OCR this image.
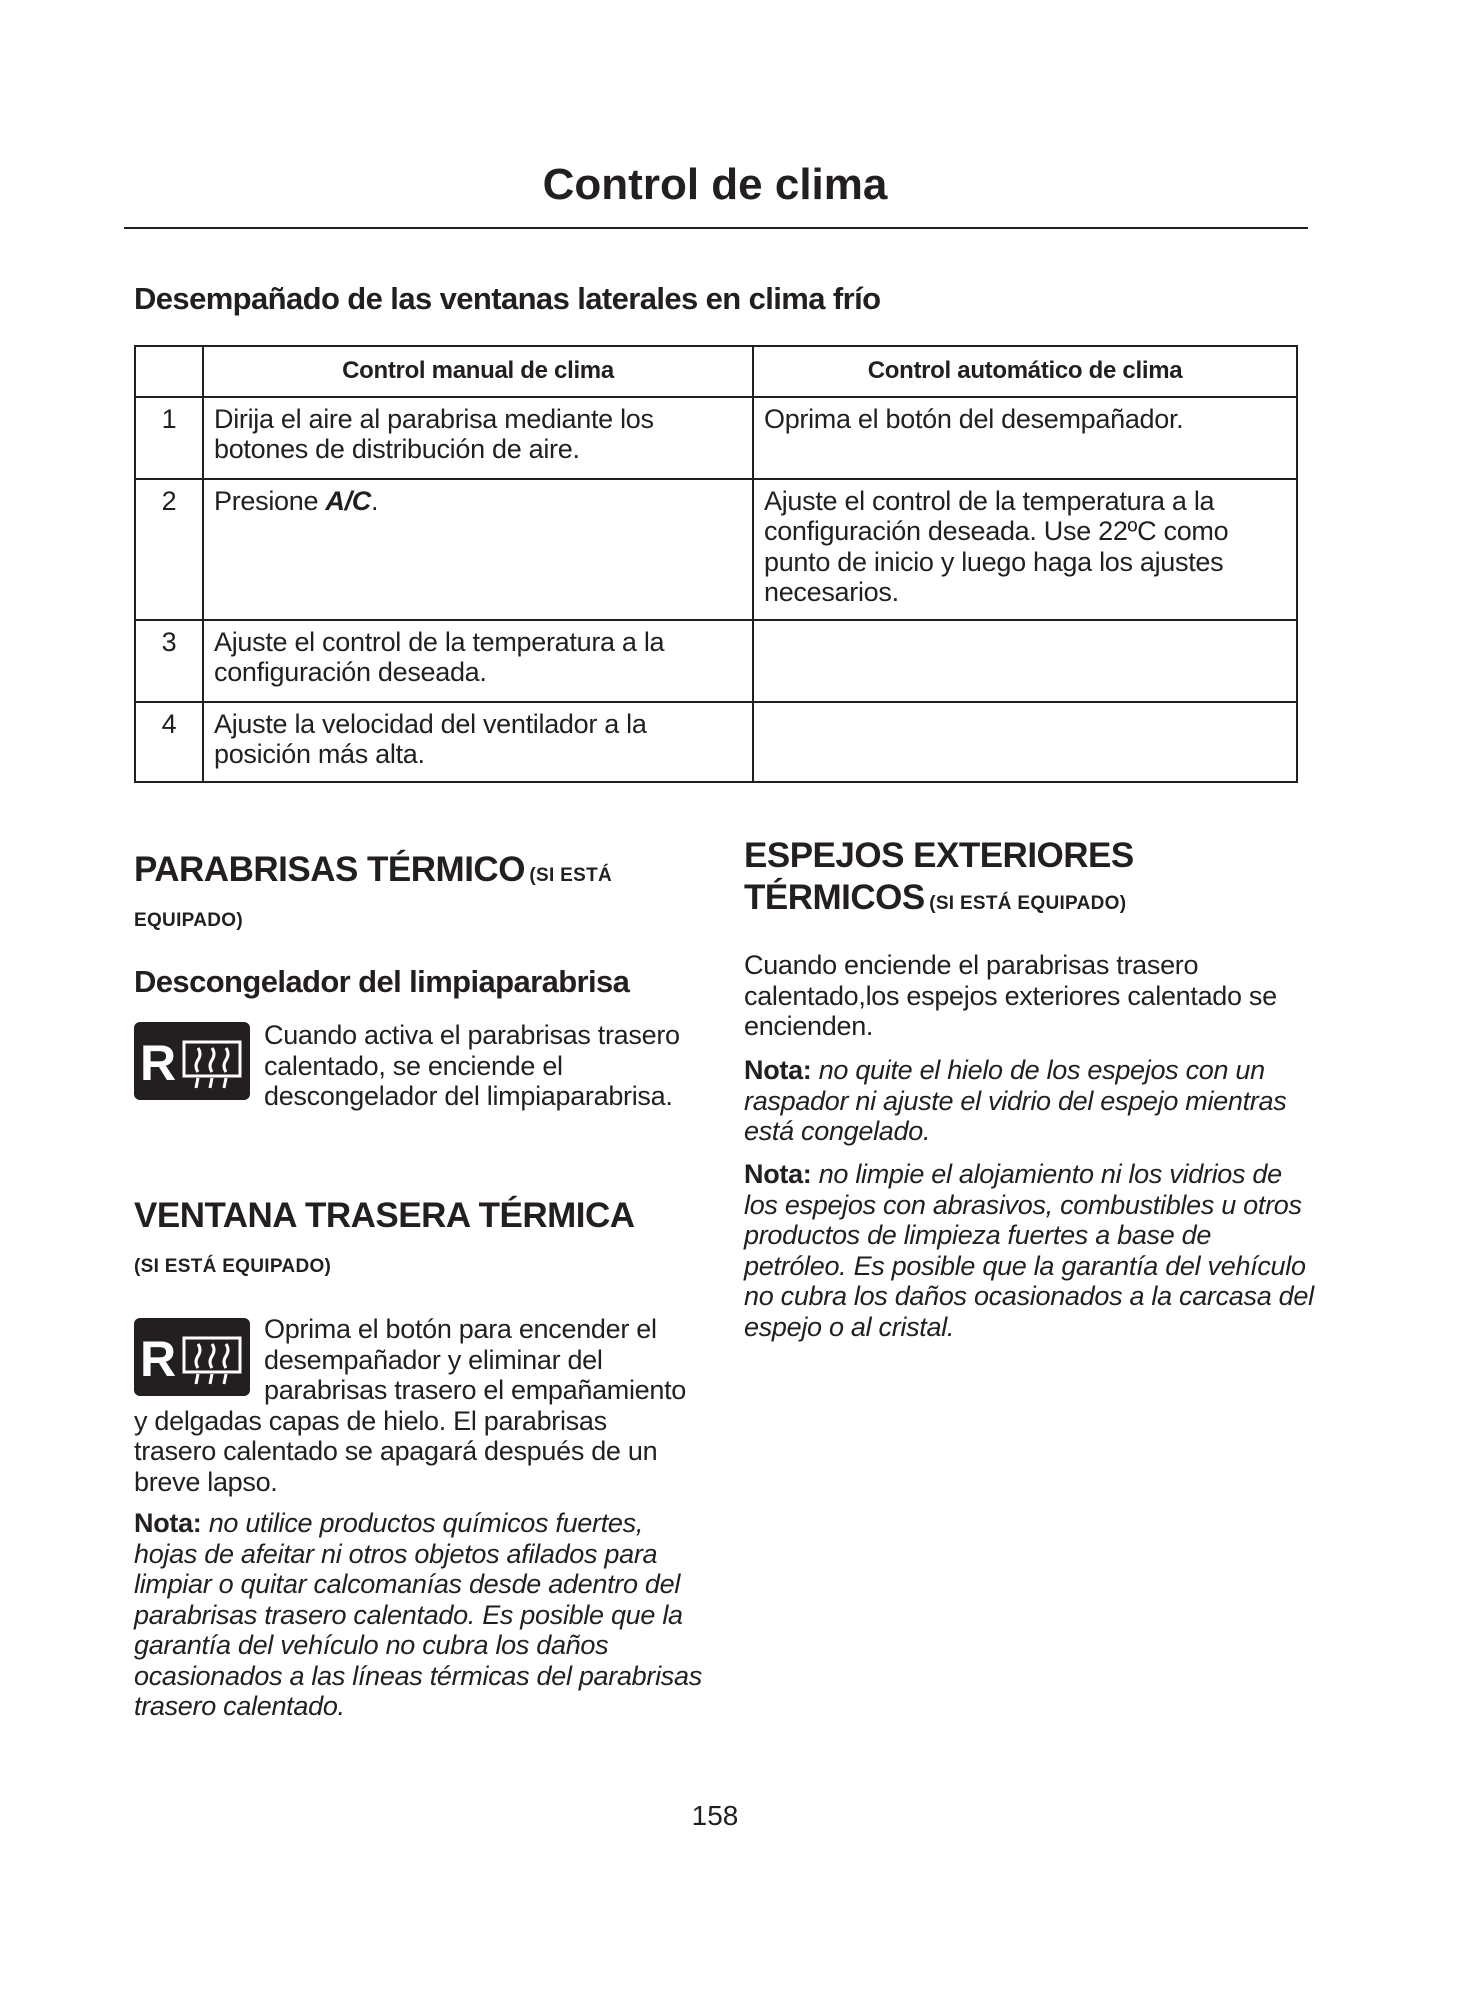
Control de clima
Desempañado de las ventanas laterales en clima frío
	Control manual de clima	Control automático de clima
1	Dirija el aire al parabrisa mediante los botones de distribución de aire.	Oprima el botón del desempañador.
2	Presione A/C.	Ajuste el control de la temperatura a la configuración deseada. Use 22ºC como punto de inicio y luego haga los ajustes necesarios.
3	Ajuste el control de la temperatura a la configuración deseada.	
4	Ajuste la velocidad del ventilador a la posición más alta.	
PARABRISAS TÉRMICO (SI ESTÁ
EQUIPADO)
Descongelador del limpiaparabrisa
R	Cuando activa el parabrisas trasero calentado, se enciende el descongelador del limpiaparabrisa.
VENTANA TRASERA TÉRMICA
(SI ESTÁ EQUIPADO)
R
Oprima el botón para encender el desempañador y eliminar del parabrisas trasero el empañamiento y delgadas capas de hielo. El parabrisas trasero calentado se apagará después de un breve lapso.
Nota: no utilice productos químicos fuertes, hojas de afeitar ni otros objetos afilados para limpiar o quitar calcomanías desde adentro del parabrisas trasero calentado. Es posible que la garantía del vehículo no cubra los daños ocasionados a las líneas térmicas del parabrisas trasero calentado.
ESPEJOS EXTERIORES
TÉRMICOS (SI ESTÁ EQUIPADO)
Cuando enciende el parabrisas trasero calentado,los espejos exteriores calentado se encienden.
Nota: no quite el hielo de los espejos con un raspador ni ajuste el vidrio del espejo mientras está congelado.
Nota: no limpie el alojamiento ni los vidrios de los espejos con abrasivos, combustibles u otros productos de limpieza fuertes a base de petróleo. Es posible que la garantía del vehículo no cubra los daños ocasionados a la carcasa del espejo o al cristal.
158
